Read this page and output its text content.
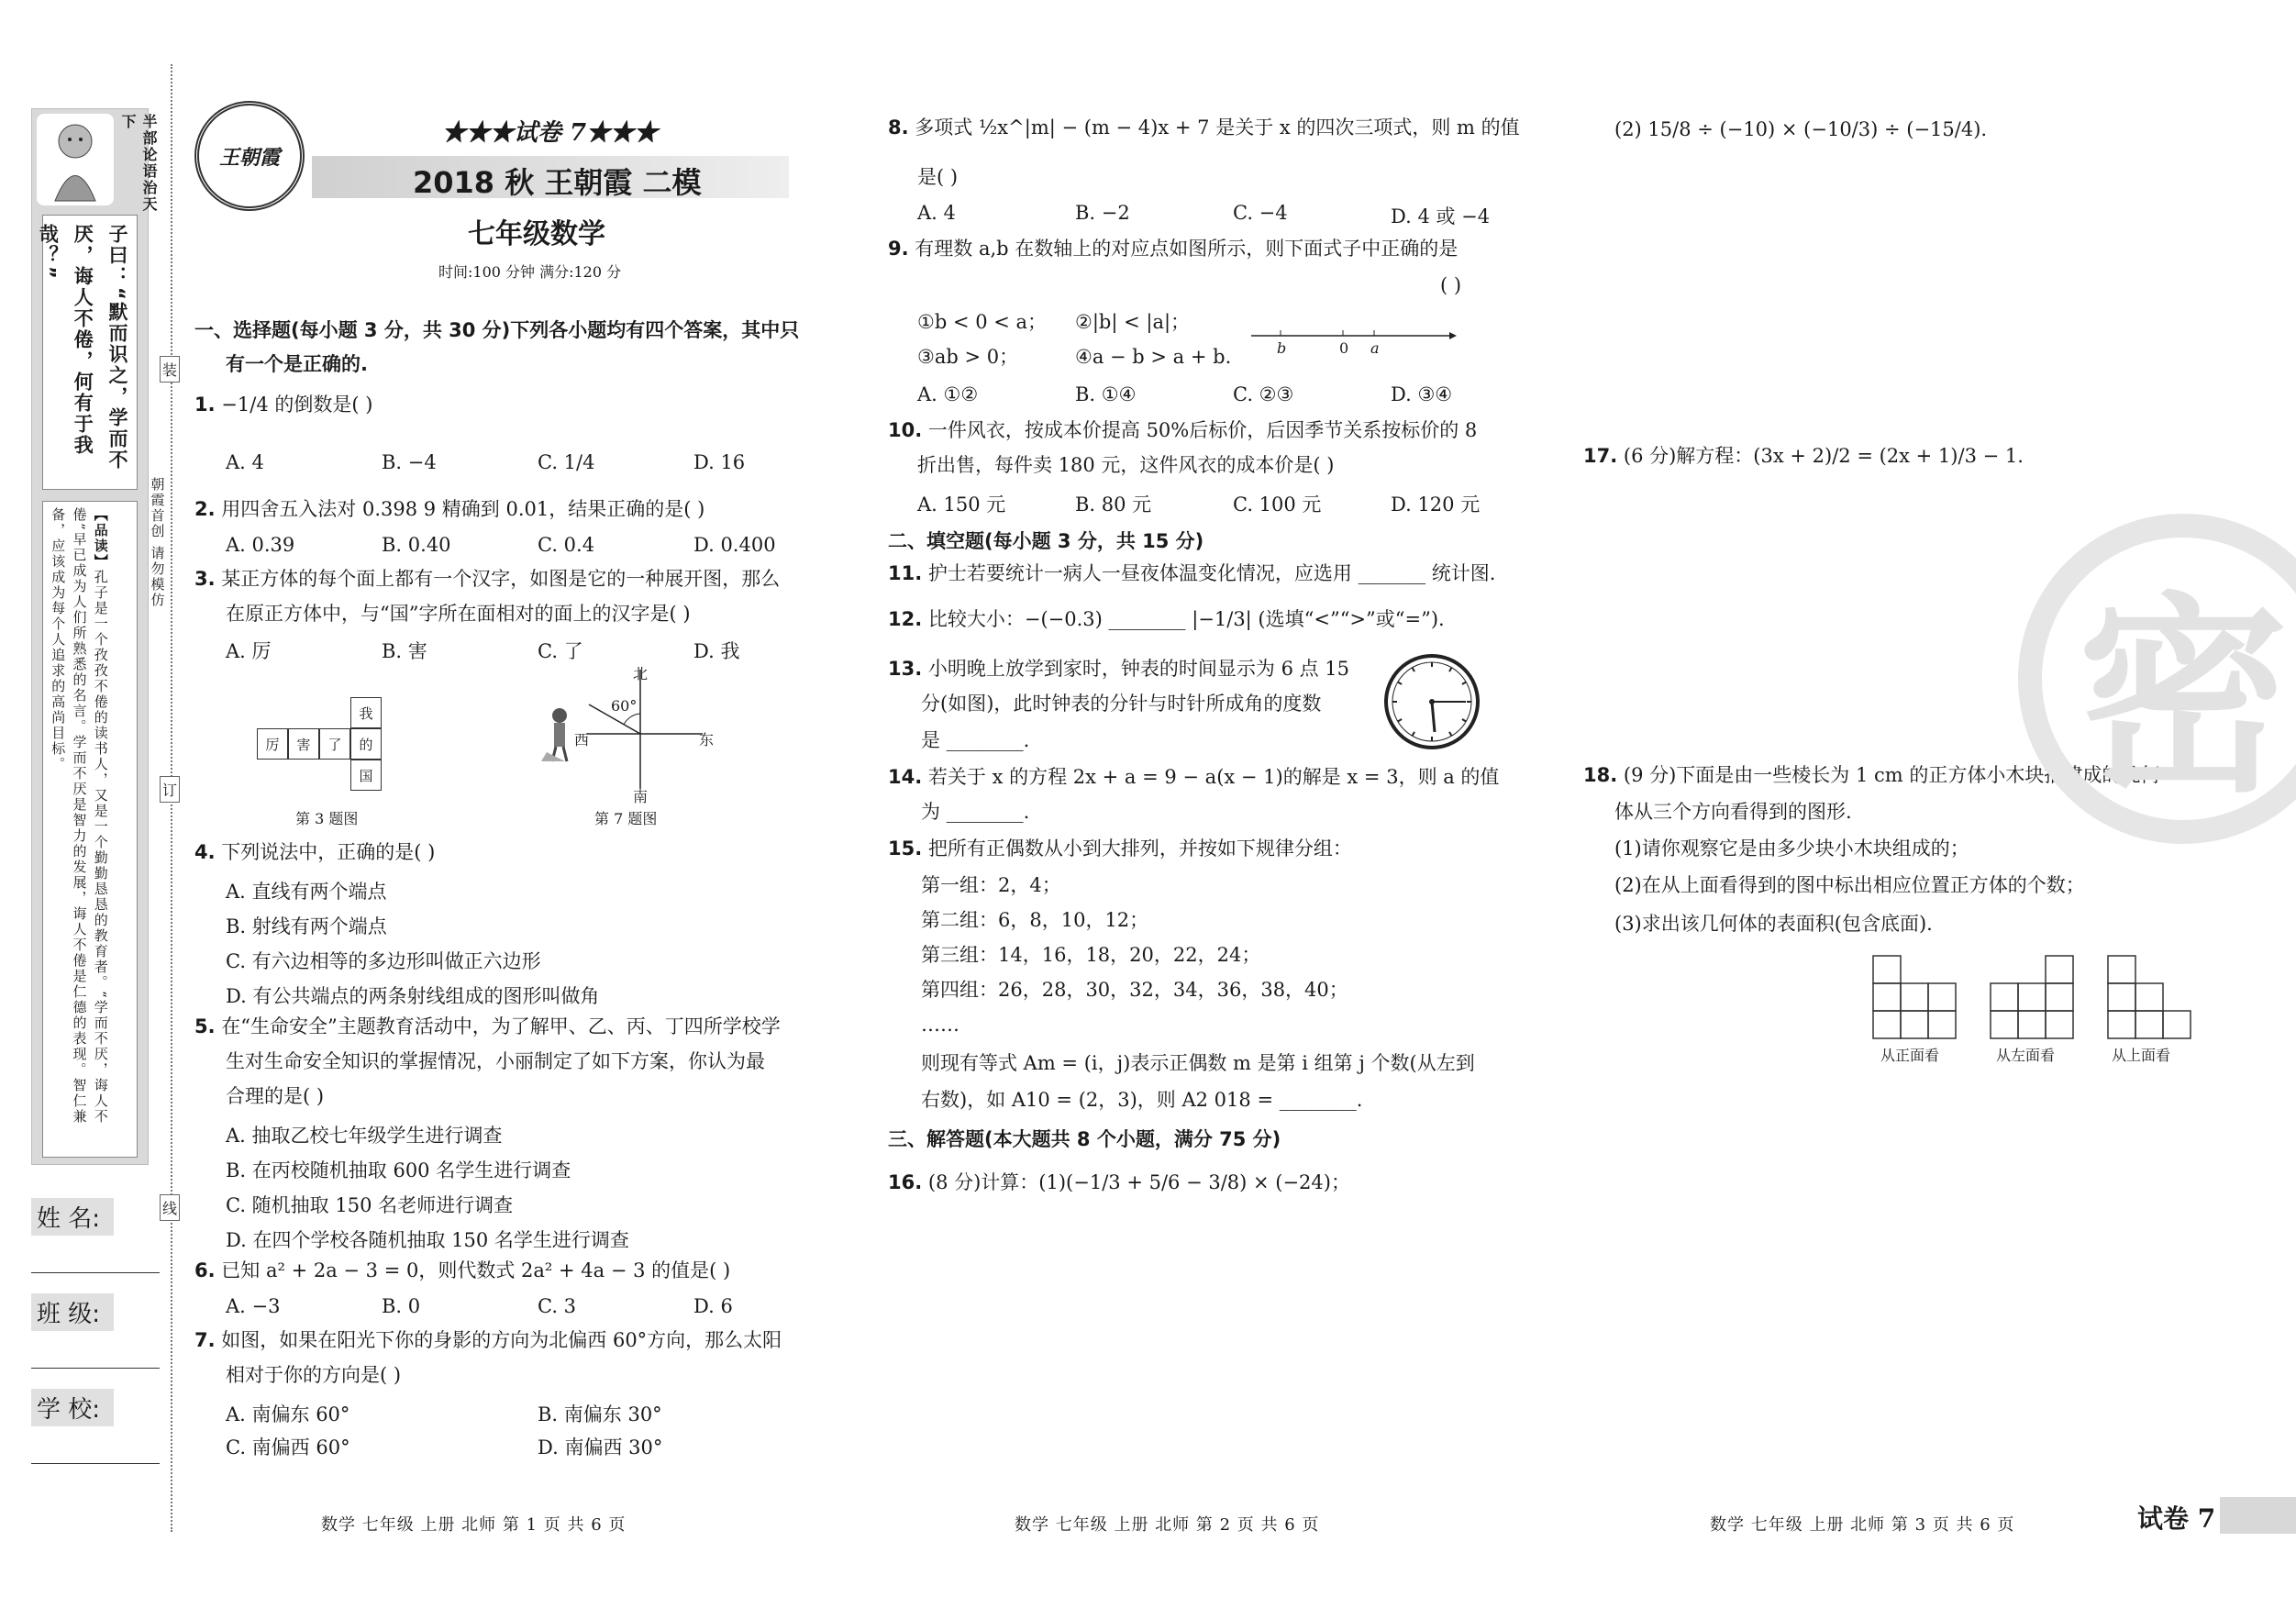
半部论语治天下
子曰：“默而识之，学而不厌，诲人不倦，何有于我哉？”
【品读】孔子是一个孜孜不倦的读书人，又是一个勤勤恳恳的教育者。“学而不厌，诲人不倦”早已成为人们所熟悉的名言。学而不厌是智力的发展，诲人不倦是仁德的表现。智仁兼备，应该成为每个人追求的高尚目标。
装
订
线
朝霞首创 请勿模仿
姓 名:
班 级:
学 校:
王朝霞
★★★试卷 7★★★
2018 秋 王朝霞 二模
七年级数学
时间:100 分钟 满分:120 分
一、选择题(每小题 3 分，共 30 分)下列各小题均有四个答案，其中只
有一个是正确的.
1. −1/4 的倒数是( )
A. 4	B. −4	C. 1/4	D. 16
2. 用四舍五入法对 0.398 9 精确到 0.01，结果正确的是( )
A. 0.39	B. 0.40	C. 0.4	D. 0.400
3. 某正方体的每个面上都有一个汉字，如图是它的一种展开图，那么
在原正方体中，与“国”字所在面相对的面上的汉字是( )
A. 厉	B. 害	C. 了	D. 我
厉	害	了
我
的
国
第 3 题图
北
南
西	东
60°
第 7 题图
4. 下列说法中，正确的是( )
A. 直线有两个端点
B. 射线有两个端点
C. 有六边相等的多边形叫做正六边形
D. 有公共端点的两条射线组成的图形叫做角
5. 在“生命安全”主题教育活动中，为了解甲、乙、丙、丁四所学校学
生对生命安全知识的掌握情况，小丽制定了如下方案，你认为最
合理的是( )
A. 抽取乙校七年级学生进行调查
B. 在丙校随机抽取 600 名学生进行调查
C. 随机抽取 150 名老师进行调查
D. 在四个学校各随机抽取 150 名学生进行调查
6. 已知 a² + 2a − 3 = 0，则代数式 2a² + 4a − 3 的值是( )
A. −3	B. 0	C. 3	D. 6
7. 如图，如果在阳光下你的身影的方向为北偏西 60°方向，那么太阳
相对于你的方向是( )
A. 南偏东 60°	B. 南偏东 30°
C. 南偏西 60°	D. 南偏西 30°
8. 多项式 ½x^|m| − (m − 4)x + 7 是关于 x 的四次三项式，则 m 的值
是( )
A. 4	B. −2	C. −4	D. 4 或 −4
9. 有理数 a,b 在数轴上的对应点如图所示，则下面式子中正确的是
( )
①b < 0 < a； ②|b| < |a|；
③ab > 0；	④a − b > a + b.	b	0 a
A. ①②	B. ①④	C. ②③	D. ③④
10. 一件风衣，按成本价提高 50%后标价，后因季节关系按标价的 8
折出售，每件卖 180 元，这件风衣的成本价是( )
A. 150 元	B. 80 元	C. 100 元	D. 120 元
二、填空题(每小题 3 分，共 15 分)
11. 护士若要统计一病人一昼夜体温变化情况，应选用 _______ 统计图.
12. 比较大小：−(−0.3) ________ |−1/3| (选填“<”“>”或“=”).
13. 小明晚上放学到家时，钟表的时间显示为 6 点 15
分(如图)，此时钟表的分针与时针所成角的度数
是 ________.
14. 若关于 x 的方程 2x + a = 9 − a(x − 1)的解是 x = 3，则 a 的值
为 ________.
15. 把所有正偶数从小到大排列，并按如下规律分组：
第一组：2，4；
第二组：6，8，10，12；
第三组：14，16，18，20，22，24；
第四组：26，28，30，32，34，36，38，40；
……
则现有等式 Am = (i，j)表示正偶数 m 是第 i 组第 j 个数(从左到
右数)，如 A10 = (2，3)，则 A2 018 = ________.
三、解答题(本大题共 8 个小题，满分 75 分)
16. (8 分)计算：(1)(−1/3 + 5/6 − 3/8) × (−24)；
(2) 15/8 ÷ (−10) × (−10/3) ÷ (−15/4).
17. (6 分)解方程：(3x + 2)/2 = (2x + 1)/3 − 1.
18. (9 分)下面是由一些棱长为 1 cm 的正方体小木块搭建成的几何
体从三个方向看得到的图形.
(1)请你观察它是由多少块小木块组成的；
(2)在从上面看得到的图中标出相应位置正方体的个数；
(3)求出该几何体的表面积(包含底面).
从正面看	从左面看	从上面看
密
数学 七年级 上册 北师 第 1 页 共 6 页	数学 七年级 上册 北师 第 2 页 共 6 页	数学 七年级 上册 北师 第 3 页 共 6 页	试卷 7
